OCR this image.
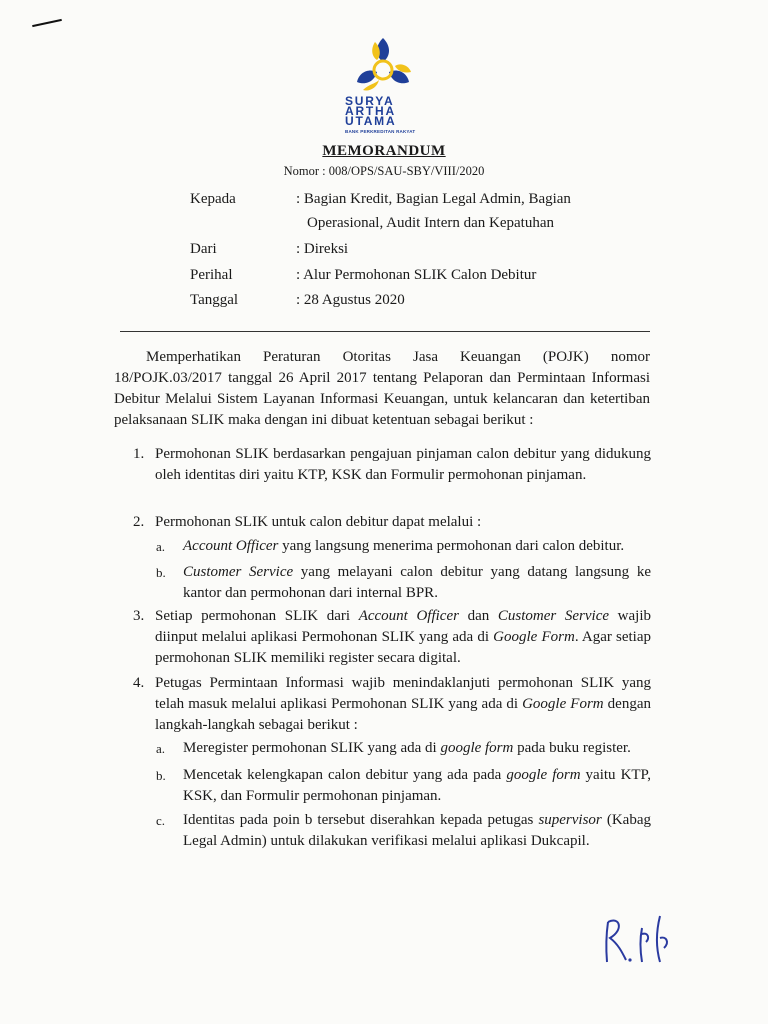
SURYA
ARTHA
UTAMA
BANK PERKREDITAN RAKYAT
MEMORANDUM
Nomor : 008/OPS/SAU-SBY/VIII/2020
Kepada	: Bagian Kredit, Bagian Legal Admin, Bagian
Operasional, Audit Intern dan Kepatuhan
Dari	: Direksi
Perihal	: Alur Permohonan SLIK Calon Debitur
Tanggal	: 28 Agustus 2020
Memperhatikan Peraturan Otoritas Jasa Keuangan (POJK) nomor
18/POJK.03/2017 tanggal 26 April 2017 tentang Pelaporan dan Permintaan Informasi
Debitur Melalui Sistem Layanan Informasi Keuangan, untuk kelancaran dan ketertiban
pelaksanaan SLIK maka dengan ini dibuat ketentuan sebagai berikut :
1. Permohonan SLIK berdasarkan pengajuan pinjaman calon debitur yang didukung oleh identitas diri yaitu KTP, KSK dan Formulir permohonan pinjaman.
2. Permohonan SLIK untuk calon debitur dapat melalui :
a. Account Officer yang langsung menerima permohonan dari calon debitur.
b. Customer Service yang melayani calon debitur yang datang langsung ke kantor dan permohonan dari internal BPR.
3. Setiap permohonan SLIK dari Account Officer dan Customer Service wajib diinput melalui aplikasi Permohonan SLIK yang ada di Google Form. Agar setiap permohonan SLIK memiliki register secara digital.
4. Petugas Permintaan Informasi wajib menindaklanjuti permohonan SLIK yang telah masuk melalui aplikasi Permohonan SLIK yang ada di Google Form dengan langkah-langkah sebagai berikut :
a. Meregister permohonan SLIK yang ada di google form pada buku register.
b. Mencetak kelengkapan calon debitur yang ada pada google form yaitu KTP, KSK, dan Formulir permohonan pinjaman.
c. Identitas pada poin b tersebut diserahkan kepada petugas supervisor (Kabag Legal Admin) untuk dilakukan verifikasi melalui aplikasi Dukcapil.
